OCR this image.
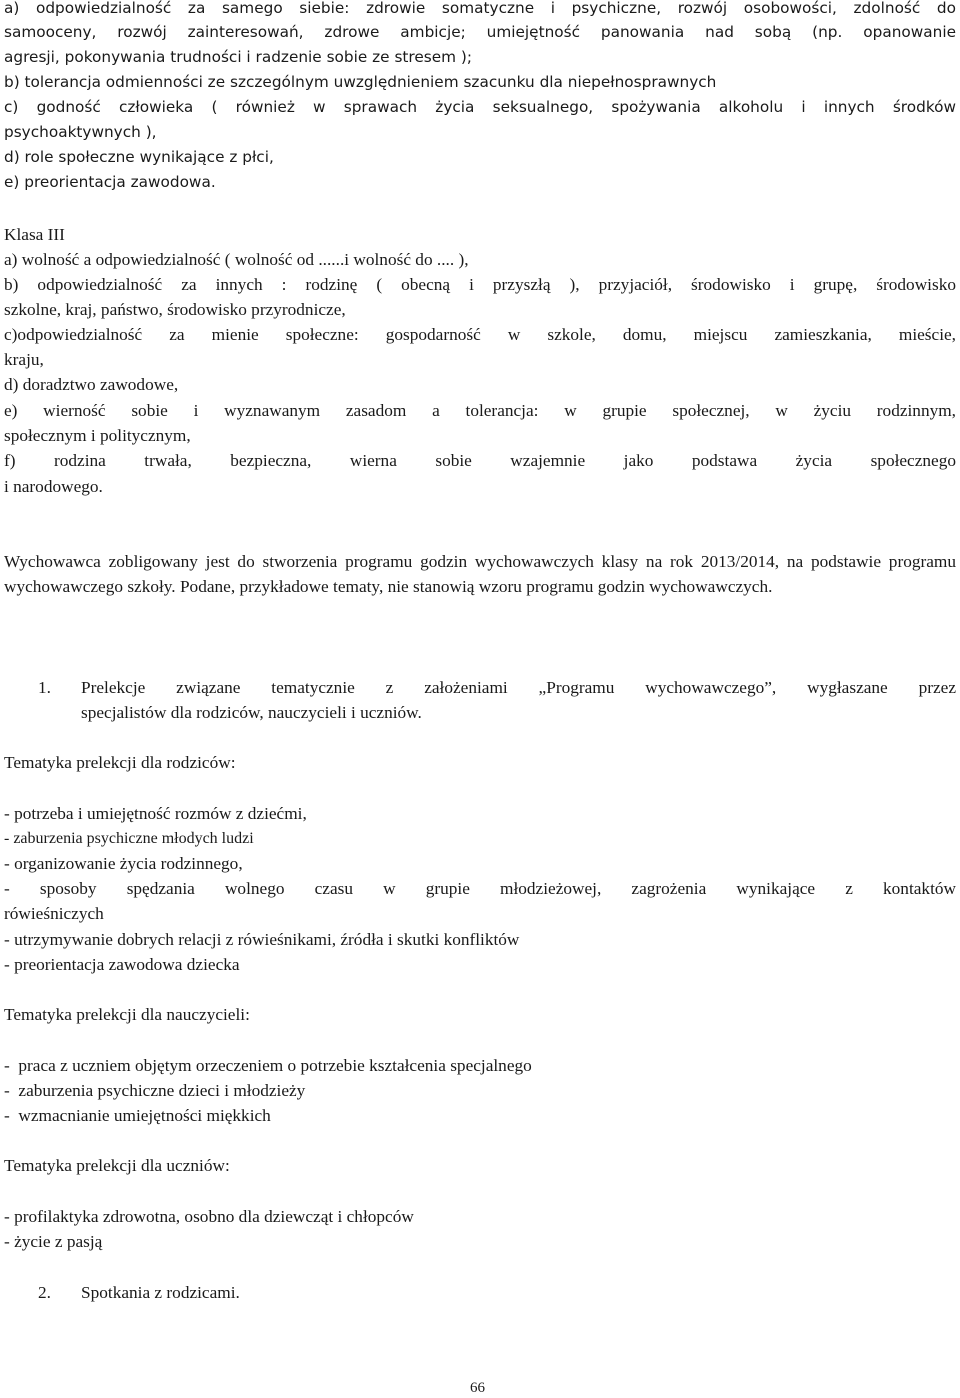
a) odpowiedzialność za samego siebie: zdrowie somatyczne i psychiczne, rozwój osobowości, zdolność do
samooceny, rozwój zainteresowań, zdrowe ambicje; umiejętność panowania nad sobą (np. opanowanie
agresji, pokonywania trudności i radzenie sobie ze stresem );
b) tolerancja odmienności ze szczególnym uwzględnieniem szacunku dla niepełnosprawnych
c) godność człowieka ( również w sprawach życia seksualnego, spożywania alkoholu i innych środków
psychoaktywnych ),
d) role społeczne wynikające z płci,
e) preorientacja zawodowa.
Klasa III
a) wolność a odpowiedzialność ( wolność od ......i wolność do .... ),
b) odpowiedzialność za innych : rodzinę ( obecną i przyszłą ), przyjaciół, środowisko i grupę, środowisko
szkolne, kraj, państwo, środowisko przyrodnicze,
c)odpowiedzialność za mienie społeczne: gospodarność w szkole, domu, miejscu zamieszkania, mieście,
kraju,
d) doradztwo zawodowe,
e) wierność sobie i wyznawanym zasadom a tolerancja: w grupie społecznej, w życiu rodzinnym,
społecznym i politycznym,
f) rodzina trwała, bezpieczna, wierna sobie wzajemnie jako podstawa życia społecznego
i narodowego.
Wychowawca zobligowany jest do stworzenia programu godzin wychowawczych klasy na rok 2013/2014, na podstawie programu wychowawczego szkoły. Podane, przykładowe tematy, nie stanowią wzoru programu godzin wychowawczych.
1. Prelekcje związane tematycznie z założeniami „Programu wychowawczego”, wygłaszane przez
specjalistów dla rodziców, nauczycieli i uczniów.
Tematyka prelekcji dla rodziców:
- potrzeba i umiejętność rozmów z dziećmi,
- zaburzenia psychiczne młodych ludzi
- organizowanie życia rodzinnego,
- sposoby spędzania wolnego czasu w grupie młodzieżowej, zagrożenia wynikające z kontaktów
rówieśniczych
- utrzymywanie dobrych relacji z rówieśnikami, źródła i skutki konfliktów
- preorientacja zawodowa dziecka
Tematyka prelekcji dla nauczycieli:
-  praca z uczniem objętym orzeczeniem o potrzebie kształcenia specjalnego
-  zaburzenia psychiczne dzieci i młodzieży
-  wzmacnianie umiejętności miękkich
Tematyka prelekcji dla uczniów:
- profilaktyka zdrowotna, osobno dla dziewcząt i chłopców
- życie z pasją
2. Spotkania z rodzicami.
66
